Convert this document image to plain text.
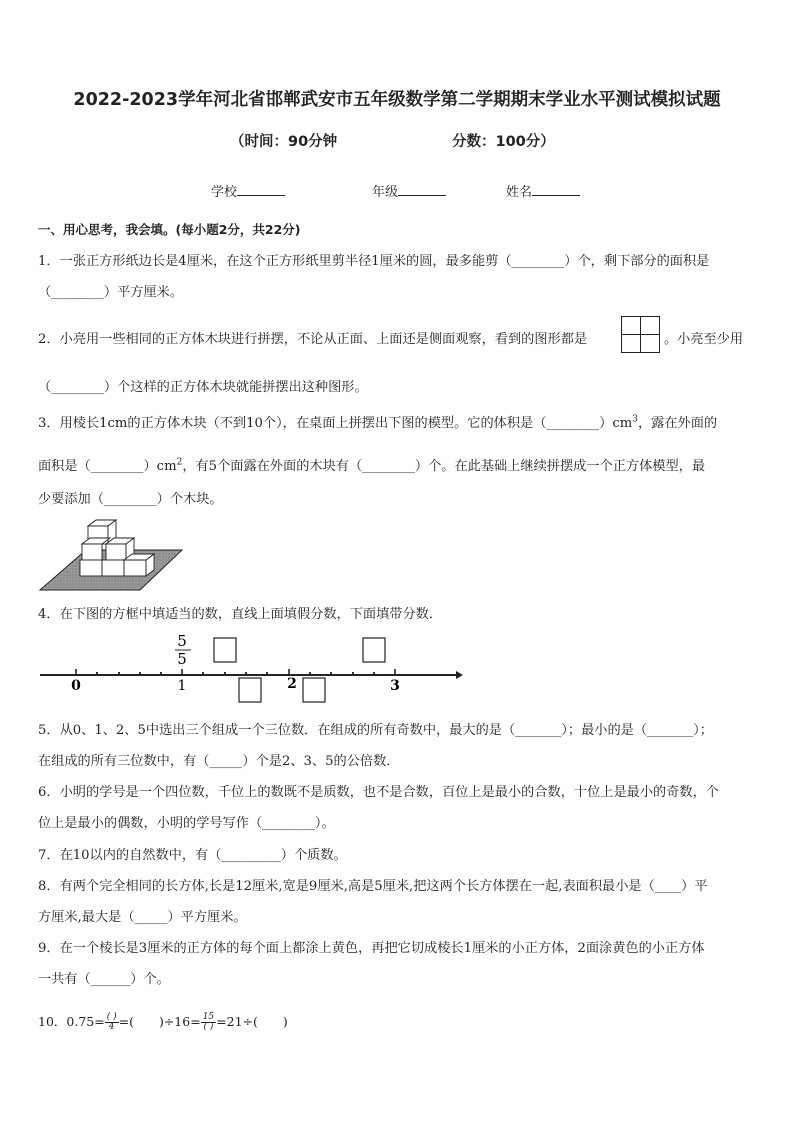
2022-2023学年河北省邯郸武安市五年级数学第二学期期末学业水平测试模拟试题
（时间：90分钟	分数：100分）
学校	年级	姓名
一、用心思考，我会填。(每小题2分，共22分)
1．一张正方形纸边长是4厘米，在这个正方形纸里剪半径1厘米的圆，最多能剪（________）个，剩下部分的面积是
（________）平方厘米。
2．小亮用一些相同的正方体木块进行拼摆，不论从正面、上面还是侧面观察，看到的图形都是	。小亮至少用
（________）个这样的正方体木块就能拼摆出这种图形。
3．用棱长1cm的正方体木块（不到10个），在桌面上拼摆出下图的模型。它的体积是$(\_\_\_\_\_\_\_\_)cm^3$，露在外面的
面积是$(\_\_\_\_\_\_\_\_)cm^2$，有5个面露在外面的木块有（________）个。在此基础上继续拼摆成一个正方体模型，最
少要添加（________）个木块。
4．在下图的方框中填适当的数，直线上面填假分数，下面填带分数．
5
5
0	1	2	3
5．从0、1、2、5中选出三个组成一个三位数．在组成的所有奇数中，最大的是（_______）；最小的是（_______）；
在组成的所有三位数中，有（_____）个是2、3、5的公倍数．
6．小明的学号是一个四位数，千位上的数既不是质数，也不是合数，百位上是最小的合数，十位上是最小的奇数，个
位上是最小的偶数，小明的学号写作（________）。
7．在10以内的自然数中，有（_________）个质数。
8．有两个完全相同的长方体,长是12厘米,宽是9厘米,高是5厘米,把这两个长方体摆在一起,表面积最小是（____）平
方厘米,最大是（_____）平方厘米。
9．在一个棱长是3厘米的正方体的每个面上都涂上黄色，再把它切成棱长1厘米的小正方体，2面涂黄色的小正方体
一共有（______）个。
10．0.75= ( )
4 =(　　)÷16= 15
( ) =21÷(　　)
